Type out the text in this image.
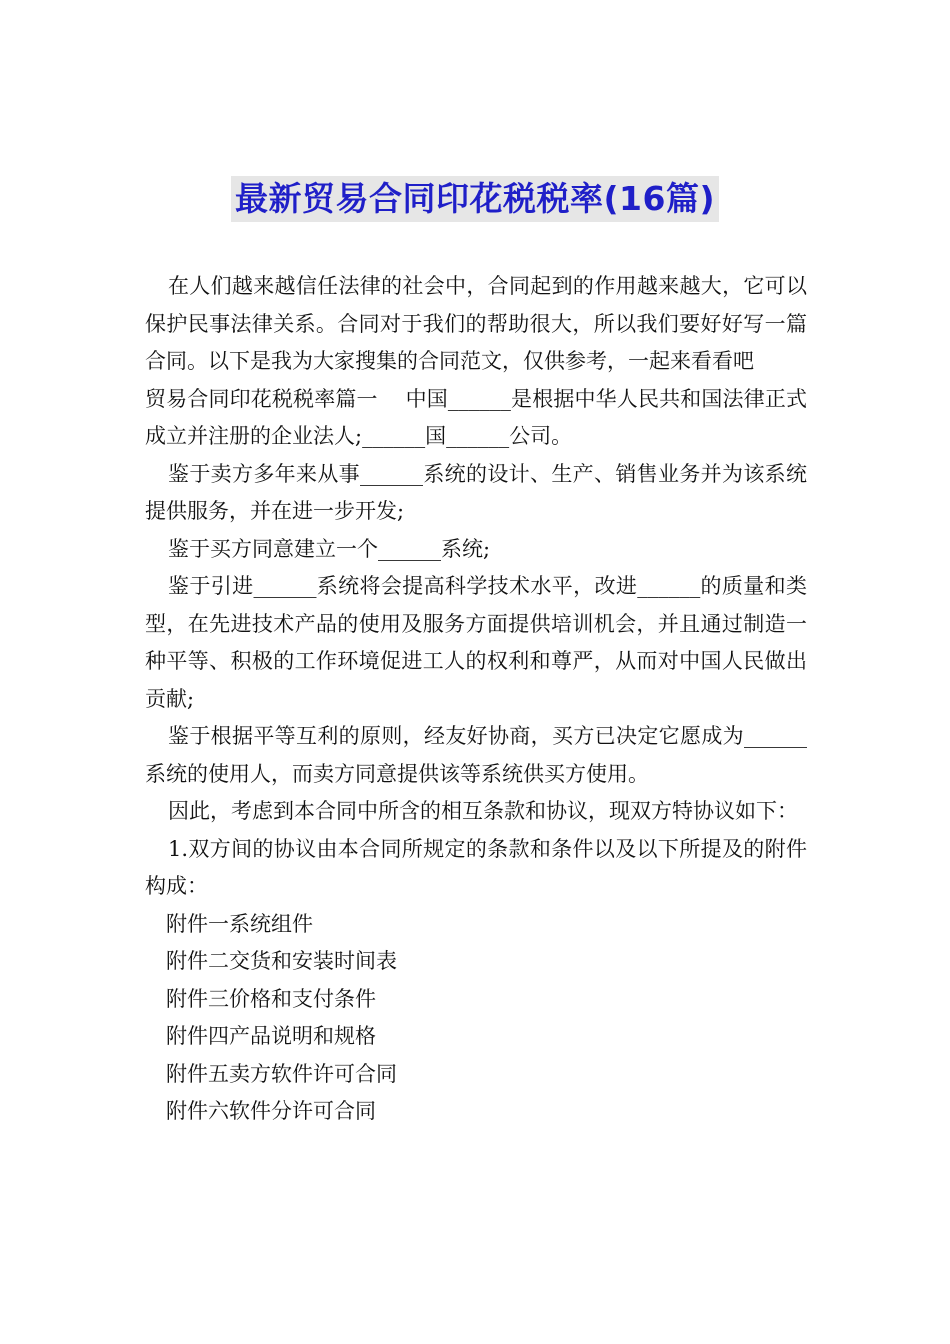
最新贸易合同印花税税率(16篇)

在人们越来越信任法律的社会中，合同起到的作用越来越大，它可以保护民事法律关系。合同对于我们的帮助很大，所以我们要好好写一篇合同。以下是我为大家搜集的合同范文，仅供参考，一起来看看吧

贸易合同印花税税率篇一　 中国______是根据中华人民共和国法律正式成立并注册的企业法人;______国______公司。

鉴于卖方多年来从事______系统的设计、生产、销售业务并为该系统提供服务，并在进一步开发;

鉴于买方同意建立一个______系统;

鉴于引进______系统将会提高科学技术水平，改进______的质量和类型，在先进技术产品的使用及服务方面提供培训机会，并且通过制造一种平等、积极的工作环境促进工人的权利和尊严，从而对中国人民做出贡献;

鉴于根据平等互利的原则，经友好协商，买方已决定它愿成为______系统的使用人，而卖方同意提供该等系统供买方使用。

因此，考虑到本合同中所含的相互条款和协议，现双方特协议如下：

1.双方间的协议由本合同所规定的条款和条件以及以下所提及的附件构成：

附件一系统组件

附件二交货和安装时间表

附件三价格和支付条件

附件四产品说明和规格

附件五卖方软件许可合同

附件六软件分许可合同
